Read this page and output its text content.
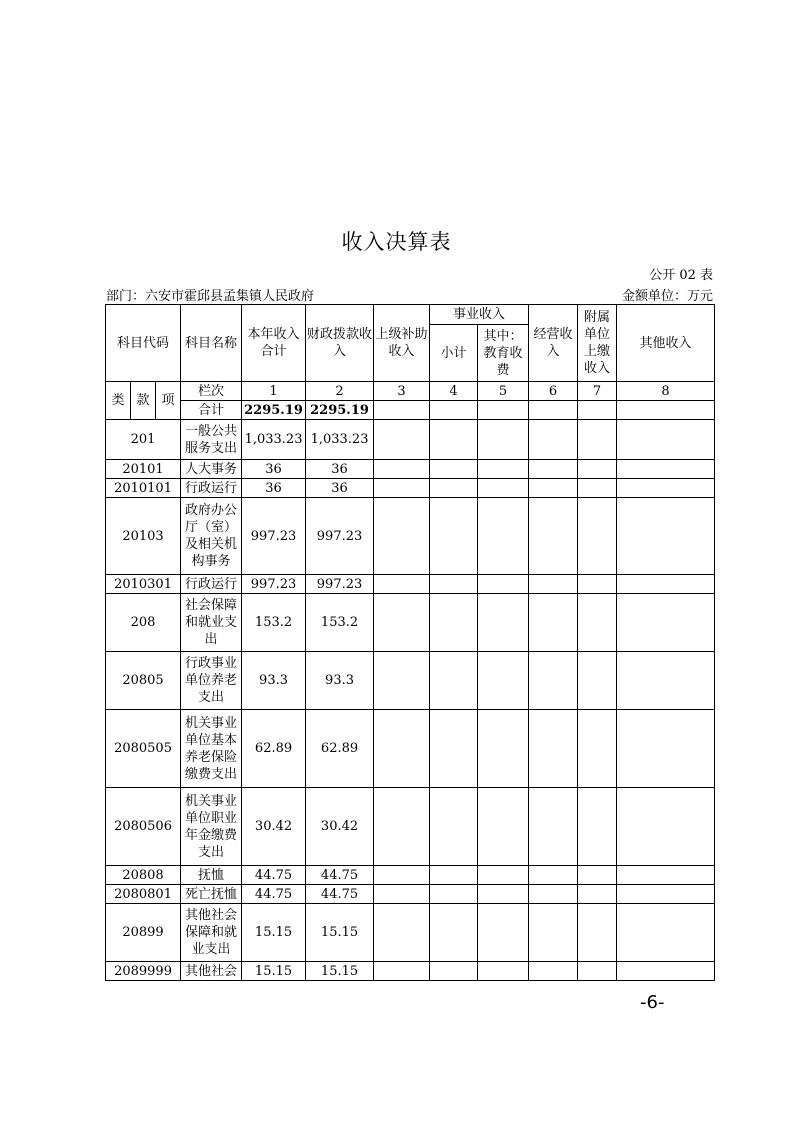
收入决算表
公开 02 表
部门：六安市霍邱县孟集镇人民政府	金额单位：万元
科目代码			科目名称	本年收入合计	财政拨款收入	上级补助收入	事业收入		经营收入	附属单位上缴收入	其他收入
							小计	其中：教育收费			

类	款	项	栏次	1	2	3	4	5	6	7	8
			合计	2295.19	2295.19						
201			一般公共服务支出	1,033.23	1,033.23						
20101			人大事务	36	36						
2010101			行政运行	36	36						
20103			政府办公厅（室）及相关机构事务	997.23	997.23						
2010301			行政运行	997.23	997.23						
208			社会保障和就业支出	153.2	153.2						
20805			行政事业单位养老支出	93.3	93.3						
2080505			机关事业单位基本养老保险缴费支出	62.89	62.89						
2080506			机关事业单位职业年金缴费支出	30.42	30.42						
20808			抚恤	44.75	44.75						
2080801			死亡抚恤	44.75	44.75						
20899			其他社会保障和就业支出	15.15	15.15						
2089999			其他社会	15.15	15.15						
-6-
